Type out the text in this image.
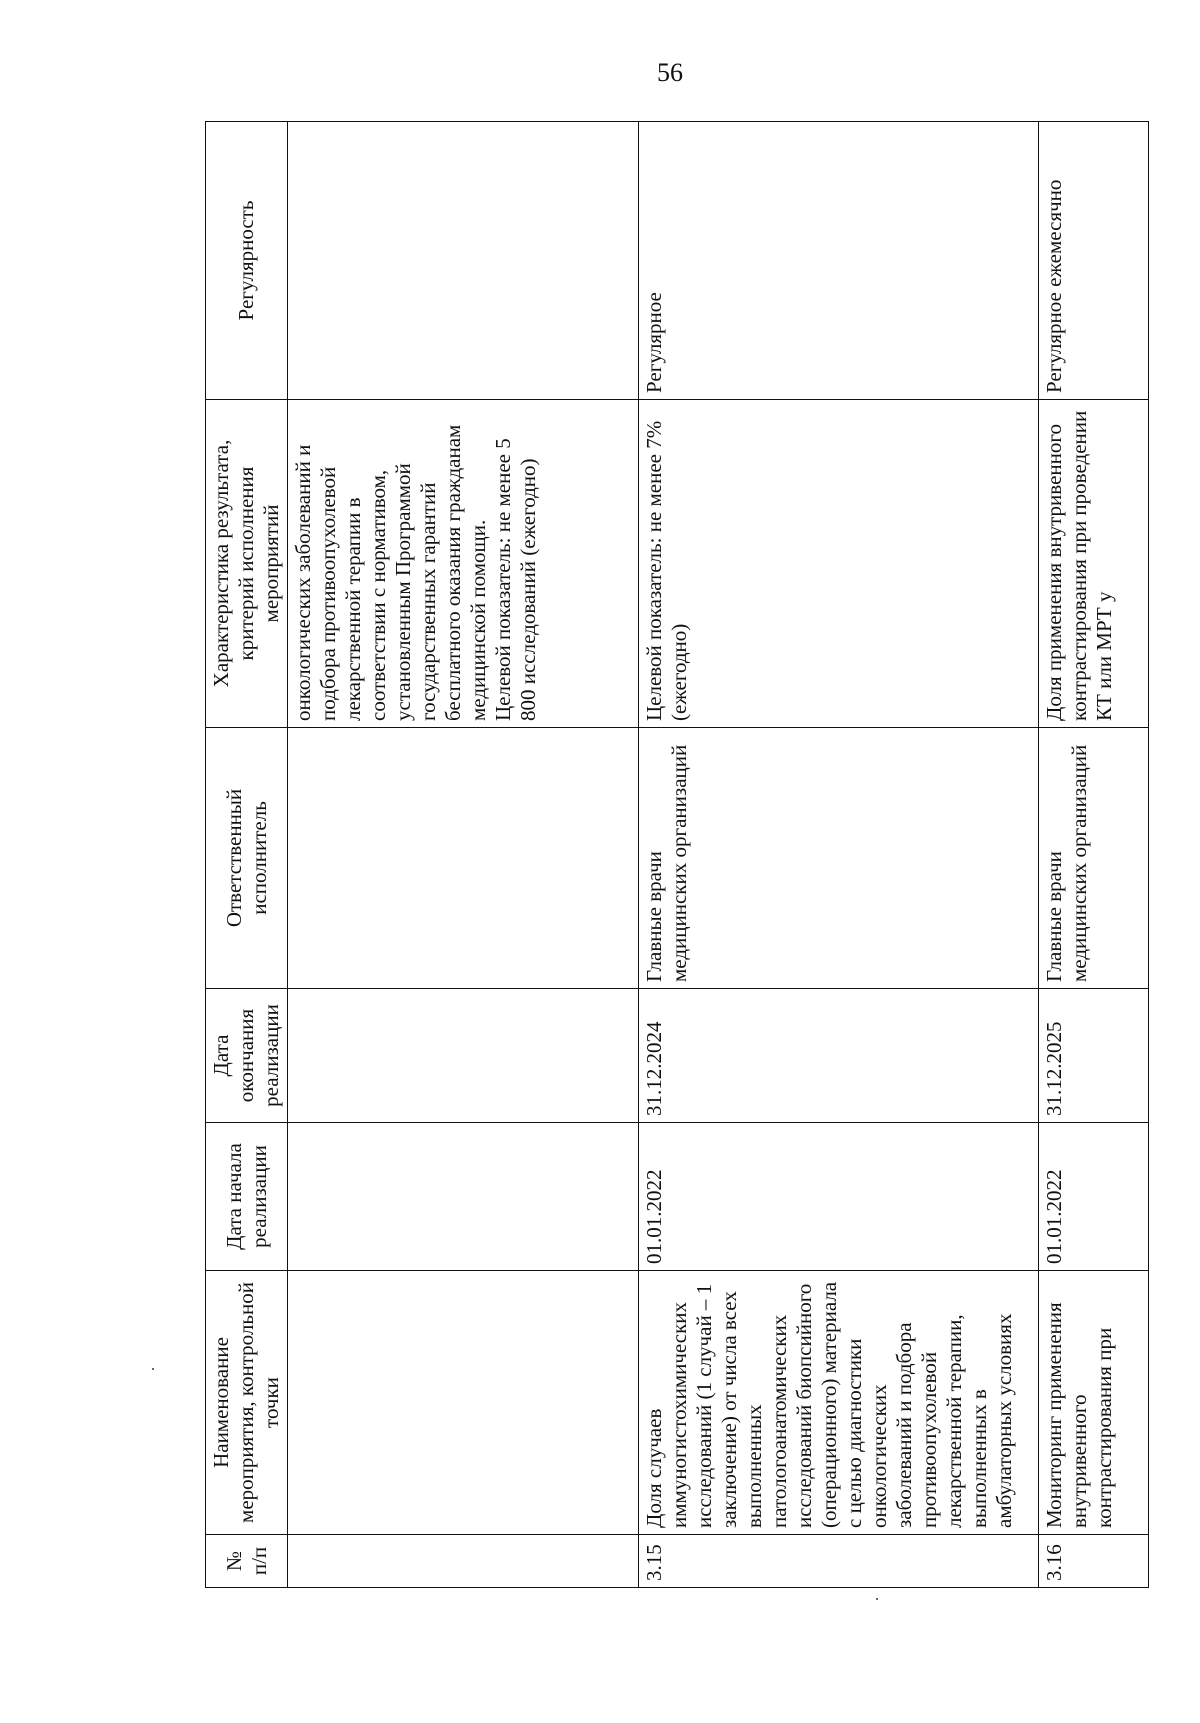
56
№
п/п	Наименование мероприятия, контрольной точки	Дата начала реализации	Дата окончания реализации	Ответственный исполнитель	Характеристика результата, критерий исполнения мероприятий	Регулярность
					онкологических заболеваний и подбора противоопухолевой лекарственной терапии в соответствии с нормативом, установленным Программой государственных гарантий бесплатного оказания гражданам медицинской помощи.
Целевой показатель: не менее 5 800 исследований (ежегодно)	
3.15	Доля случаев иммуногистохимических исследований (1 случай – 1 заключение) от числа всех выполненных патологоанатомических исследований биопсийного (операционного) материала с целью диагностики онкологических заболеваний и подбора противоопухолевой лекарственной терапии, выполненных в амбулаторных условиях	01.01.2022	31.12.2024	Главные врачи медицинских организаций	Целевой показатель: не менее 7% (ежегодно)	Регулярное
3.16	Мониторинг применения внутривенного контрастирования при	01.01.2022	31.12.2025	Главные врачи медицинских организаций	Доля применения внутривенного контрастирования при проведении КТ или МРТ у	Регулярное ежемесячно
